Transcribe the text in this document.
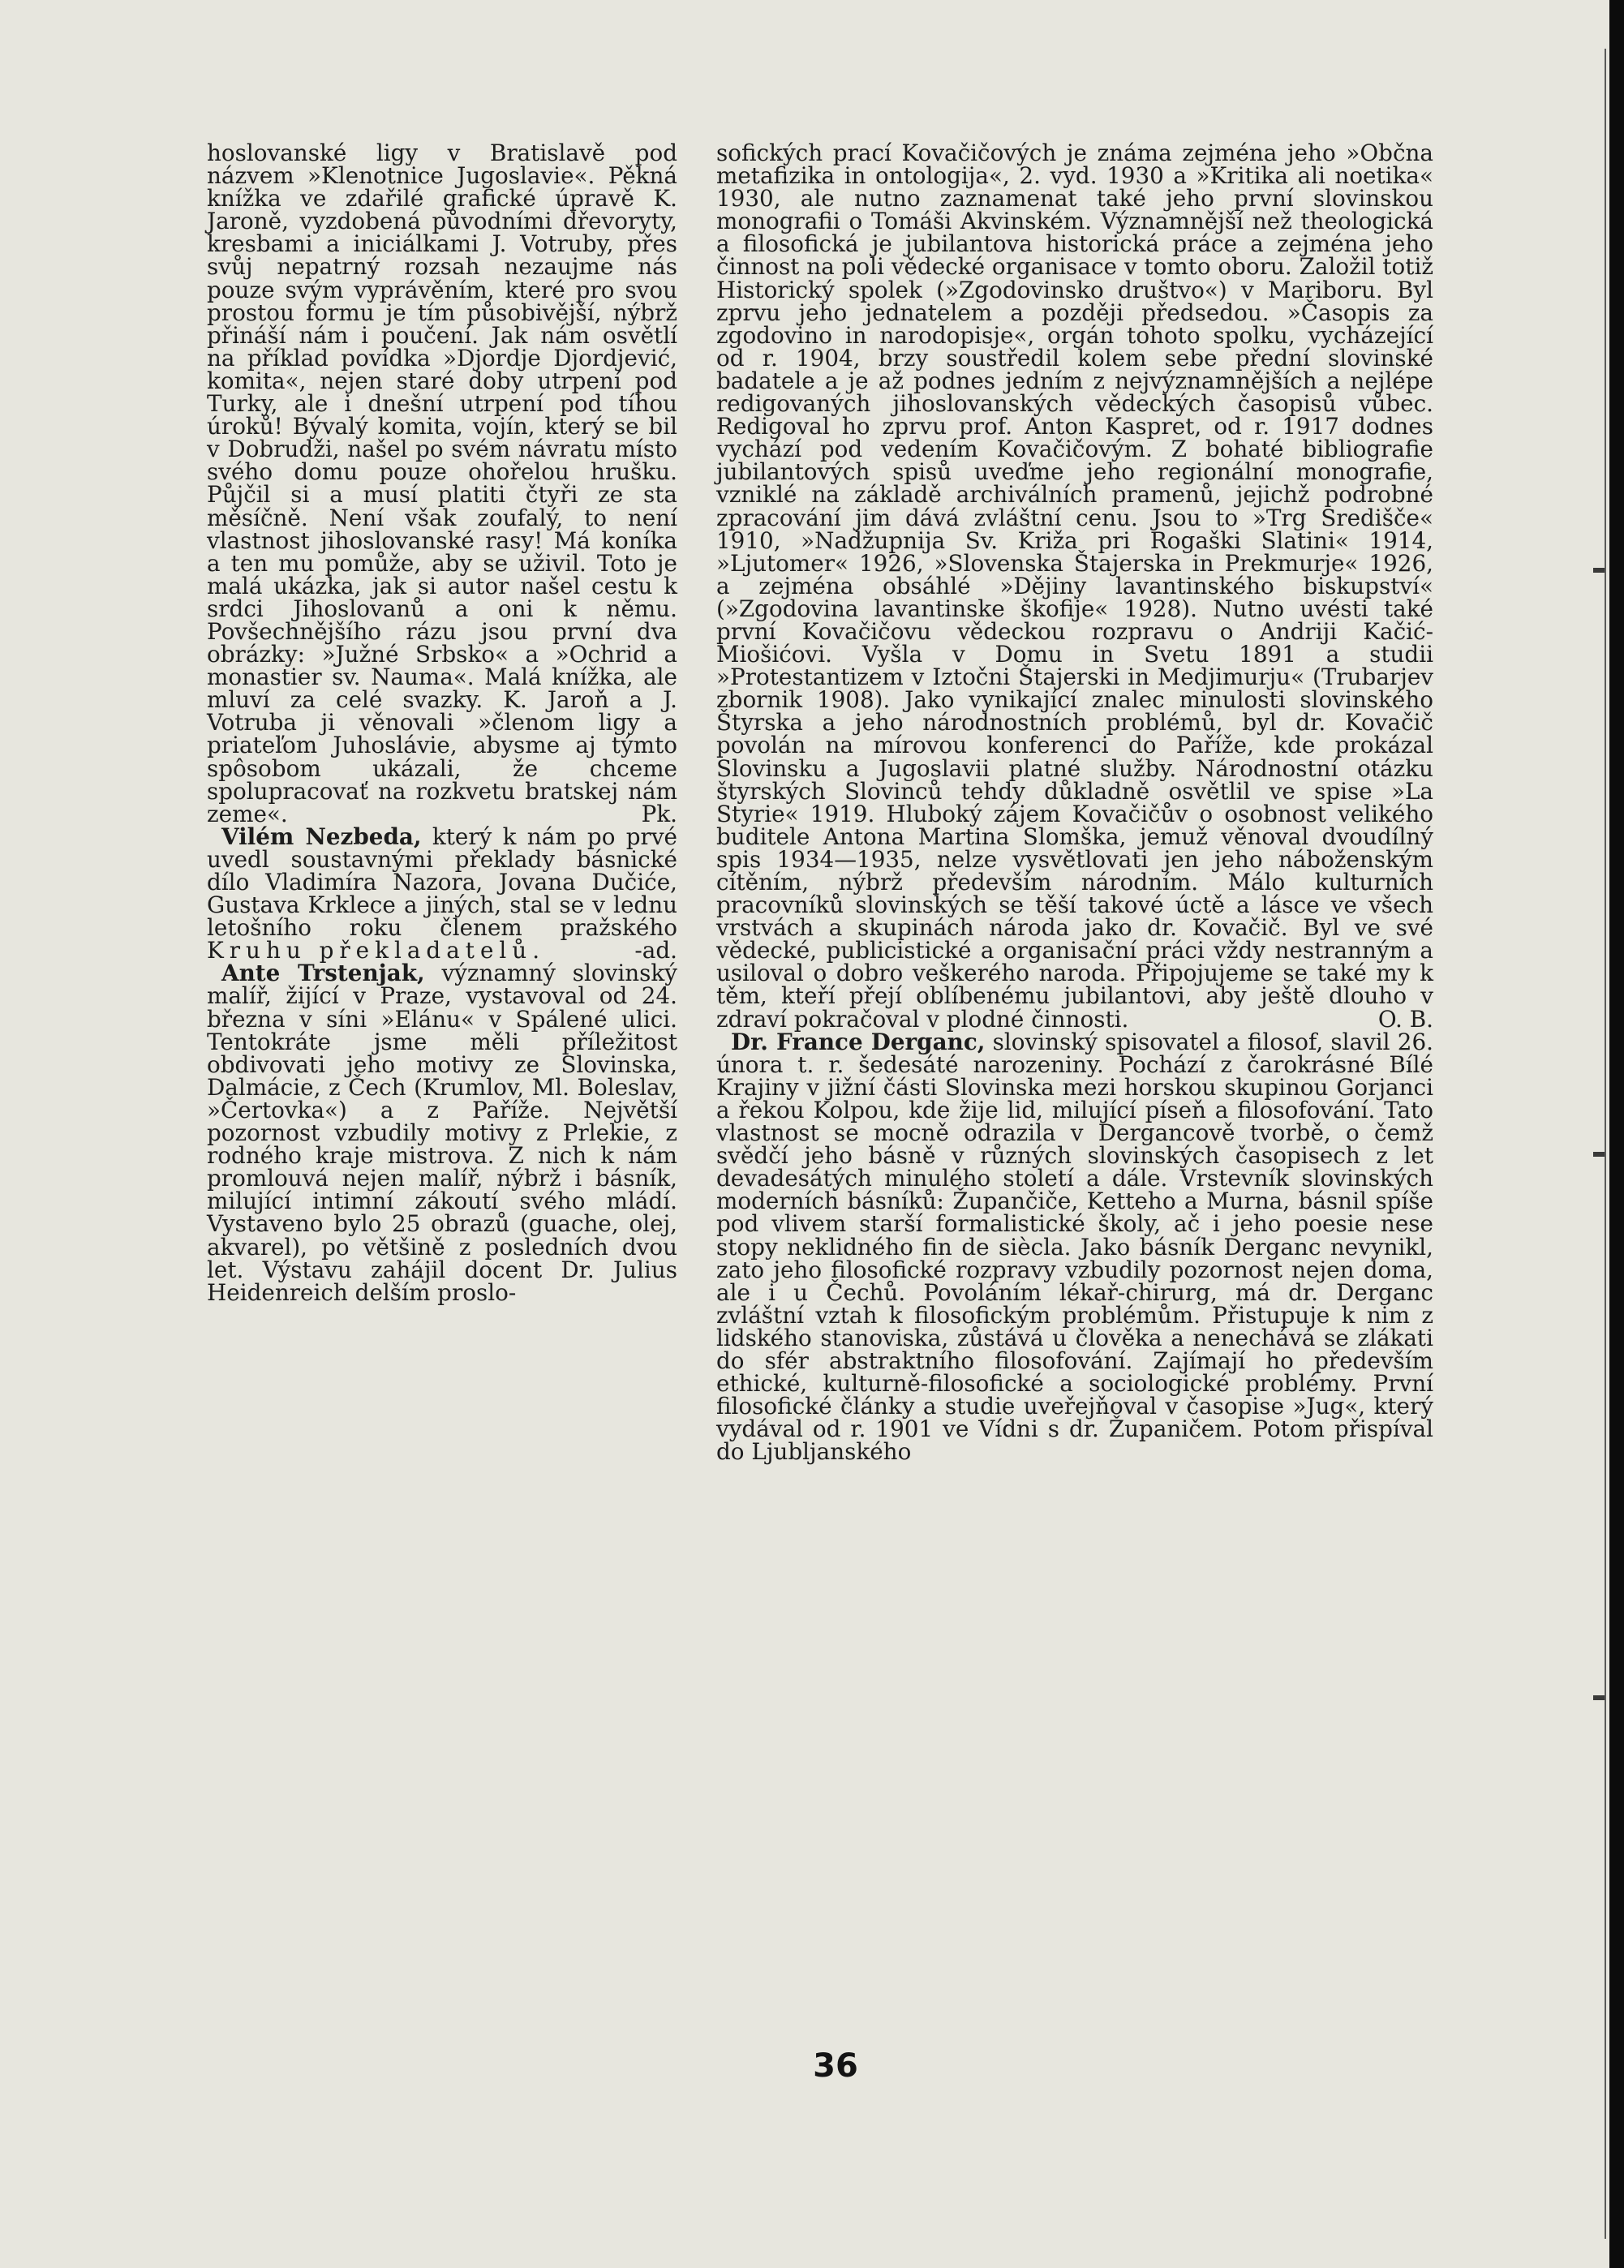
hoslovanské ligy v Bratislavě pod názvem »Klenotnice Jugoslavie«. Pěkná knížka ve zdařilé grafické úpravě K. Jaroně, vyzdobená původními dřevoryty, kresbami a iniciálkami J. Votruby, přes svůj nepatrný rozsah nezaujme nás pouze svým vyprávěním, které pro svou prostou formu je tím působivější, nýbrž přináší nám i poučení. Jak nám osvětlí na příklad povídka »Djordje Djordjević, komita«, nejen staré doby utrpení pod Turky, ale i dnešní utrpení pod tíhou úroků! Bývalý komita, vojín, který se bil v Dobrudži, našel po svém návratu místo svého domu pouze ohořelou hrušku. Půjčil si a musí platiti čtyři ze sta měsíčně. Není však zoufalý, to není vlastnost jihoslovanské rasy! Má koníka a ten mu pomůže, aby se uživil. Toto je malá ukázka, jak si autor našel cestu k srdci Jihoslovanů a oni k němu. Povšechnějšího rázu jsou první dva obrázky: »Južné Srbsko« a »Ochrid a monastier sv. Nauma«. Malá knížka, ale mluví za celé svazky. K. Jaroň a J. Votruba ji věnovali »členom ligy a priateľom Juhoslávie, abysme aj týmto spôsobom ukázali, že chceme spolupracovať na rozkvetu bratskej nám zeme«.	Pk.

Vilém Nezbeda, který k nám po prvé uvedl soustavnými překlady básnické dílo Vladimíra Nazora, Jovana Dučiće, Gustava Krklece a jiných, stal se v lednu letošního roku členem pražského Kruhu překladatelů.	-ad.

Ante Trstenjak, významný slovinský malíř, žijící v Praze, vystavoval od 24. března v síni »Elánu« v Spálené ulici. Tentokráte jsme měli příležitost obdivovati jeho motivy ze Slovinska, Dalmácie, z Čech (Krumlov, Ml. Boleslav, »Čertovka«) a z Paříže. Největší pozornost vzbudily motivy z Prlekie, z rodného kraje mistrova. Z nich k nám promlouvá nejen malíř, nýbrž i básník, milující intimní zákoutí svého mládí. Vystaveno bylo 25 obrazů (guache, olej, akvarel), po většině z posledních dvou let. Výstavu zahájil docent Dr. Julius Heidenreich delším proslo-

sofických prací Kovačičových je známa zejména jeho »Občna metafizika in ontologija«, 2. vyd. 1930 a »Kritika ali noetika« 1930, ale nutno zaznamenat také jeho první slovinskou monografii o Tomáši Akvinském. Významnější než theologická a filosofická je jubilantova historická práce a zejména jeho činnost na poli vědecké organisace v tomto oboru. Založil totiž Historický spolek (»Zgodovinsko društvo«) v Mariboru. Byl zprvu jeho jednatelem a později předsedou. »Časopis za zgodovino in narodopisje«, orgán tohoto spolku, vycházející od r. 1904, brzy soustředil kolem sebe přední slovinské badatele a je až podnes jedním z nejvýznamnějších a nejlépe redigovaných jihoslovanských vědeckých časopisů vůbec. Redigoval ho zprvu prof. Anton Kaspret, od r. 1917 dodnes vychází pod vedením Kovačičovým. Z bohaté bibliografie jubilantových spisů uveďme jeho regionální monografie, vzniklé na základě archiválních pramenů, jejichž podrobné zpracování jim dává zvláštní cenu. Jsou to »Trg Središče« 1910, »Nadžupnija Sv. Križa pri Rogaški Slatini« 1914, »Ljutomer« 1926, »Slovenska Štajerska in Prekmurje« 1926, a zejména obsáhlé »Dějiny lavantinského biskupství« (»Zgodovina lavantinske škofije« 1928). Nutno uvésti také první Kovačičovu vědeckou rozpravu o Andriji Kačić-Miošićovi. Vyšla v Domu in Svetu 1891 a studii »Protestantizem v Iztočni Štajerski in Medjimurju« (Trubarjev zbornik 1908). Jako vynikající znalec minulosti slovinského Štyrska a jeho národnostních problémů, byl dr. Kovačič povolán na mírovou konferenci do Paříže, kde prokázal Slovinsku a Jugoslavii platné služby. Národnostní otázku štyrských Slovinců tehdy důkladně osvětlil ve spise »La Styrie« 1919. Hluboký zájem Kovačičův o osobnost velikého buditele Antona Martina Slomška, jemuž věnoval dvoudílný spis 1934—1935, nelze vysvětlovati jen jeho náboženským cítěním, nýbrž především národním. Málo kulturních pracovníků slovinských se těší takové úctě a lásce ve všech vrstvách a skupinách národa jako dr. Kovačič. Byl ve své vědecké, publicistické a organisační práci vždy nestranným a usiloval o dobro veškerého naroda. Připojujeme se také my k těm, kteří přejí oblíbenému jubilantovi, aby ještě dlouho v zdraví pokračoval v plodné činnosti.	O. B.

Dr. France Derganc, slovinský spisovatel a filosof, slavil 26. února t. r. šedesáté narozeniny. Pochází z čarokrásné Bílé Krajiny v jižní části Slovinska mezi horskou skupinou Gorjanci a řekou Kolpou, kde žije lid, milující píseň a filosofování. Tato vlastnost se mocně odrazila v Dergancově tvorbě, o čemž svědčí jeho básně v různých slovinských časopisech z let devadesátých minulého století a dále. Vrstevník slovinských moderních básníků: Župančiče, Ketteho a Murna, básnil spíše pod vlivem starší formalistické školy, ač i jeho poesie nese stopy neklidného fin de siècla. Jako básník Derganc nevynikl, zato jeho filosofické rozpravy vzbudily pozornost nejen doma, ale i u Čechů. Povoláním lékař-chirurg, má dr. Derganc zvláštní vztah k filosofickým problémům. Přistupuje k nim z lidského stanoviska, zůstává u člověka a nenechává se zlákati do sfér abstraktního filosofování. Zajímají ho především ethické, kulturně-filosofické a sociologické problémy. První filosofické články a studie uveřejňoval v časopise »Jug«, který vydával od r. 1901 ve Vídni s dr. Županičem. Potom přispíval do Ljubljanského

36
